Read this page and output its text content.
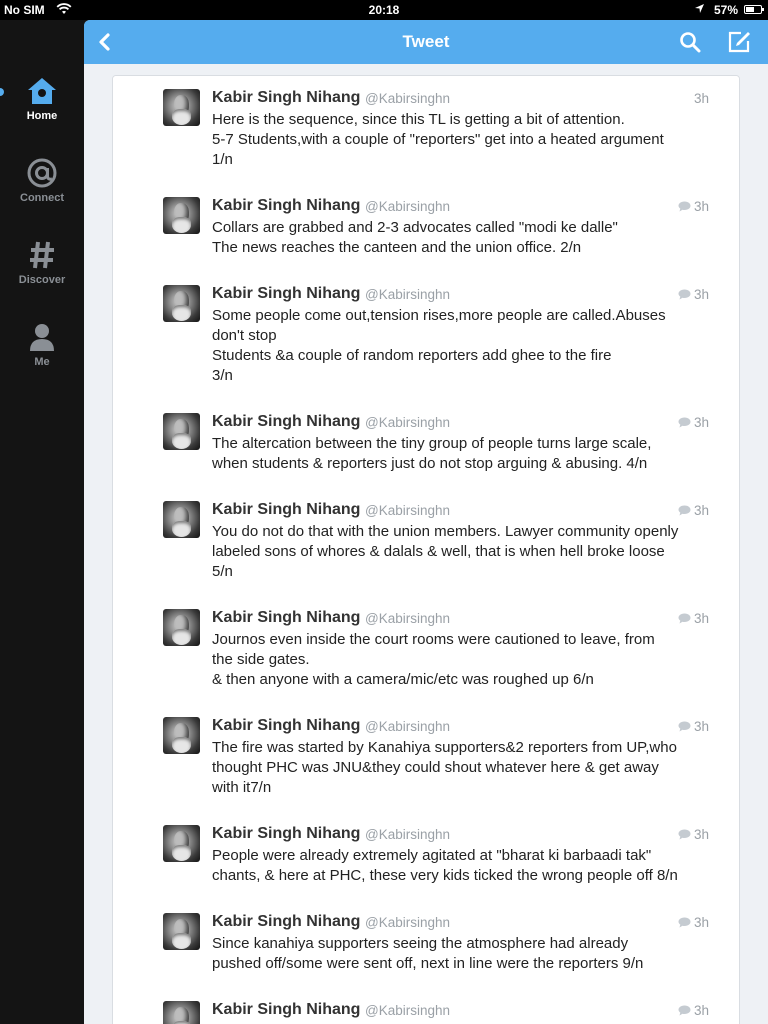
No SIM	20:18	57%
Home
Connect
Discover
Me
Tweet
Kabir Singh Nihang @Kabirsinghn	3h
Here is the sequence, since this TL is getting a bit of attention.
5-7 Students,with a couple of "reporters" get into a heated argument
1/n
Kabir Singh Nihang @Kabirsinghn	3h
Collars are grabbed and 2-3 advocates called "modi ke dalle"
The news reaches the canteen and the union office. 2/n
Kabir Singh Nihang @Kabirsinghn	3h
Some people come out,tension rises,more people are called.Abuses
don't stop
Students &a couple of random reporters add ghee to the fire
3/n
Kabir Singh Nihang @Kabirsinghn	3h
The altercation between the tiny group of people turns large scale,
when students & reporters just do not stop arguing & abusing. 4/n
Kabir Singh Nihang @Kabirsinghn	3h
You do not do that with the union members. Lawyer community openly
labeled sons of whores & dalals & well, that is when hell broke loose
5/n
Kabir Singh Nihang @Kabirsinghn	3h
Journos even inside the court rooms were cautioned to leave, from
the side gates.
& then anyone with a camera/mic/etc was roughed up 6/n
Kabir Singh Nihang @Kabirsinghn	3h
The fire was started by Kanahiya supporters&2 reporters from UP,who
thought PHC was JNU&they could shout whatever here & get away
with it7/n
Kabir Singh Nihang @Kabirsinghn	3h
People were already extremely agitated at "bharat ki barbaadi tak"
chants, & here at PHC, these very kids ticked the wrong people off 8/n
Kabir Singh Nihang @Kabirsinghn	3h
Since kanahiya supporters seeing the atmosphere had already
pushed off/some were sent off, next in line were the reporters 9/n
Kabir Singh Nihang @Kabirsinghn	3h
